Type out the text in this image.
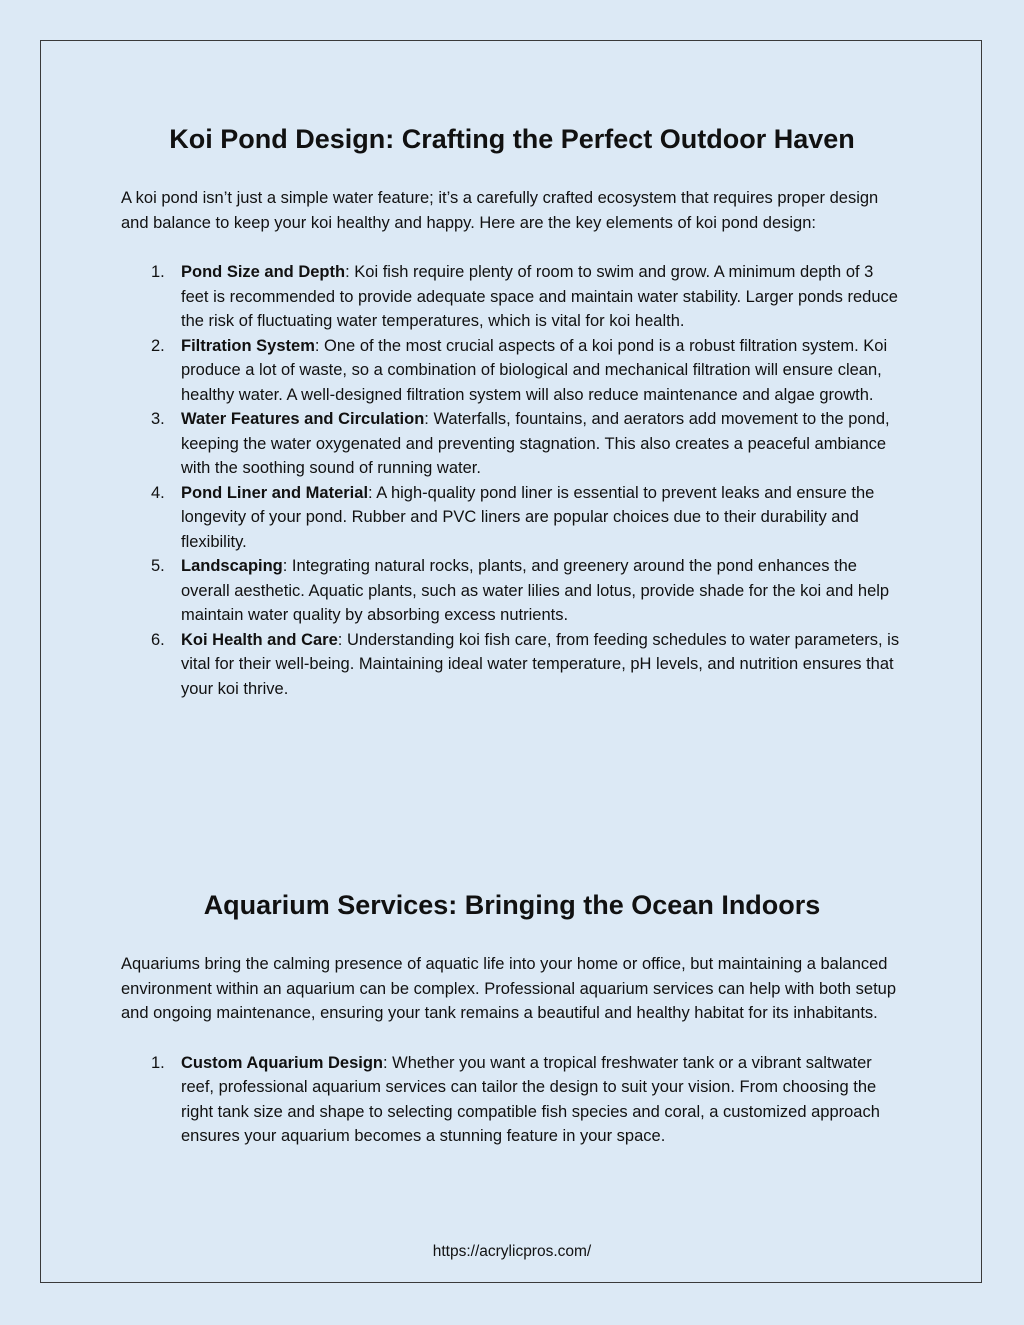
Koi Pond Design: Crafting the Perfect Outdoor Haven

A koi pond isn’t just a simple water feature; it’s a carefully crafted ecosystem that requires proper design and balance to keep your koi healthy and happy. Here are the key elements of koi pond design:

1. Pond Size and Depth: Koi fish require plenty of room to swim and grow. A minimum depth of 3 feet is recommended to provide adequate space and maintain water stability. Larger ponds reduce the risk of fluctuating water temperatures, which is vital for koi health.
2. Filtration System: One of the most crucial aspects of a koi pond is a robust filtration system. Koi produce a lot of waste, so a combination of biological and mechanical filtration will ensure clean, healthy water. A well-designed filtration system will also reduce maintenance and algae growth.
3. Water Features and Circulation: Waterfalls, fountains, and aerators add movement to the pond, keeping the water oxygenated and preventing stagnation. This also creates a peaceful ambiance with the soothing sound of running water.
4. Pond Liner and Material: A high-quality pond liner is essential to prevent leaks and ensure the longevity of your pond. Rubber and PVC liners are popular choices due to their durability and flexibility.
5. Landscaping: Integrating natural rocks, plants, and greenery around the pond enhances the overall aesthetic. Aquatic plants, such as water lilies and lotus, provide shade for the koi and help maintain water quality by absorbing excess nutrients.
6. Koi Health and Care: Understanding koi fish care, from feeding schedules to water parameters, is vital for their well-being. Maintaining ideal water temperature, pH levels, and nutrition ensures that your koi thrive.
Aquarium Services: Bringing the Ocean Indoors

Aquariums bring the calming presence of aquatic life into your home or office, but maintaining a balanced environment within an aquarium can be complex. Professional aquarium services can help with both setup and ongoing maintenance, ensuring your tank remains a beautiful and healthy habitat for its inhabitants.

1. Custom Aquarium Design: Whether you want a tropical freshwater tank or a vibrant saltwater reef, professional aquarium services can tailor the design to suit your vision. From choosing the right tank size and shape to selecting compatible fish species and coral, a customized approach ensures your aquarium becomes a stunning feature in your space.
https://acrylicpros.com/
